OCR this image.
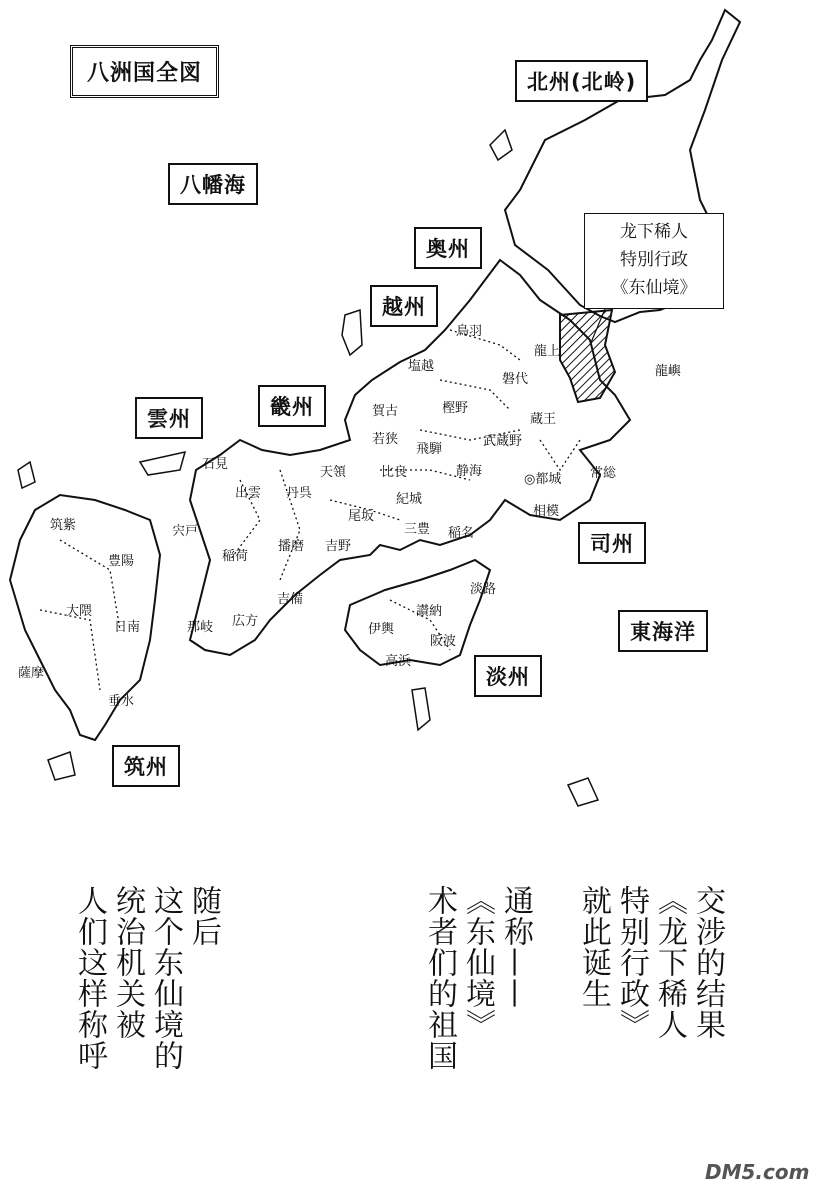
八洲国全図	北州(北岭)
八幡海
奥州
越州
畿州
雲州
司州
東海洋
淡州
筑州
龙下稀人
特別行政
《东仙境》
◎都城
鳥羽
龍上
磐代
龍嶼
塩越
賀古	樫野
蔵王
若狭
飛騨
武蔵野
石見
天領	比良	静海	常総
出雲 丹呉	紀城
相模
筑紫
尾坂
三豊 稲名
宍戸
豊陽
播磨 吉野
稲荷
淡路
大隈	讃納
日南
吉備
伊輿
那岐 広方
阪波
薩摩
高浜
垂水
交涉的结果
《龙下稀人
特别行政》
就此诞生
通称——
《东仙境》
术者们的祖国
随后
这个东仙境的
统治机关被
人们这样称呼
DM5.com
